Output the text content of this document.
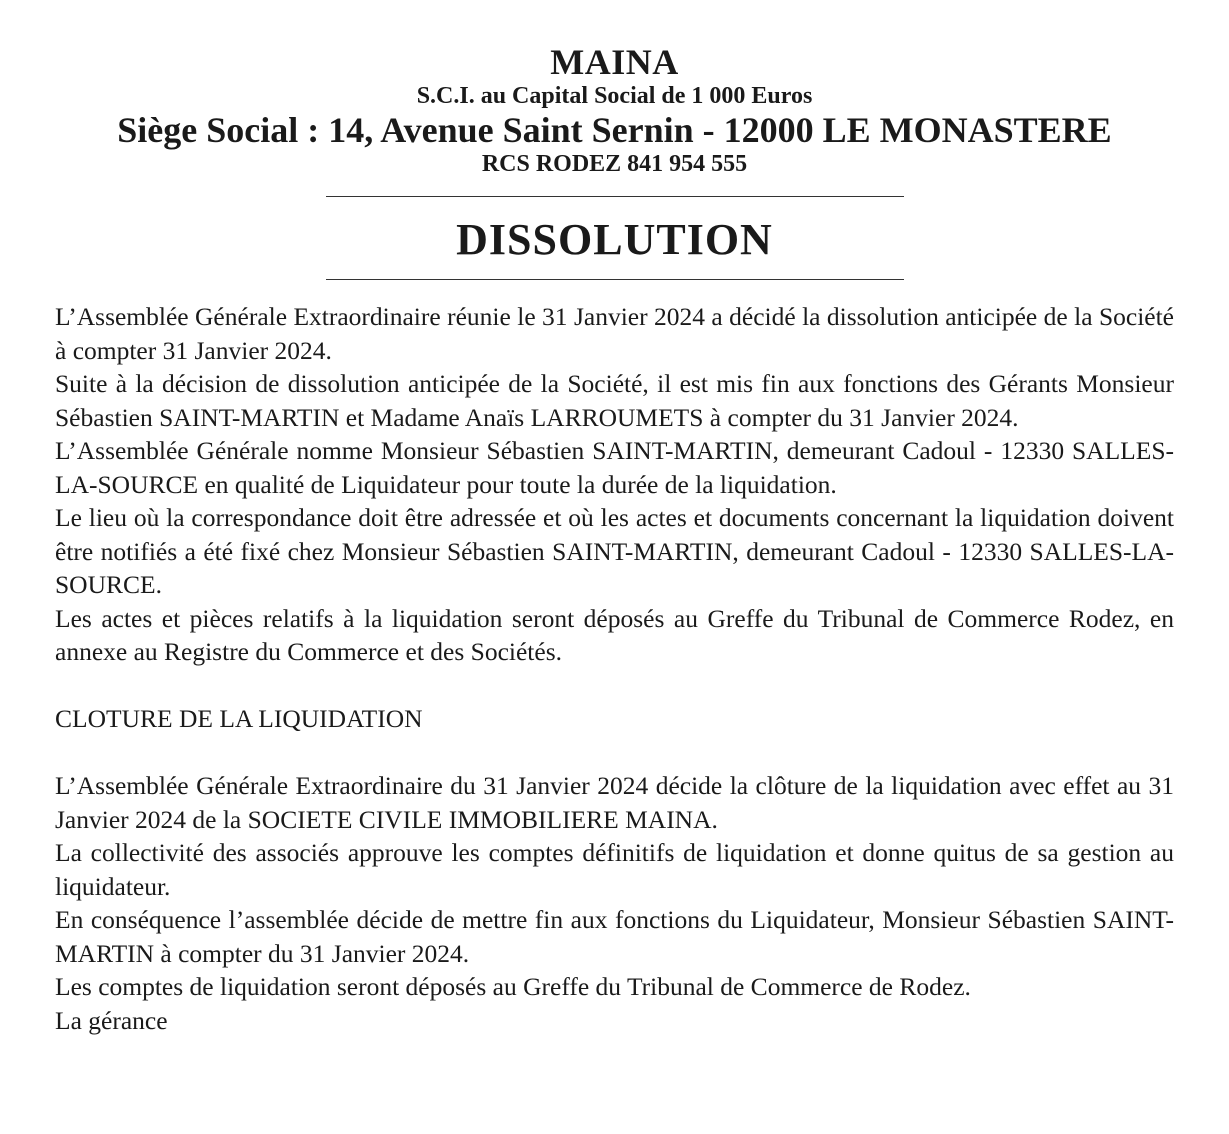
MAINA
S.C.I. au Capital Social de 1 000 Euros
Siège Social : 14, Avenue Saint Sernin - 12000 LE MONASTERE
RCS RODEZ 841 954 555
DISSOLUTION

L’Assemblée Générale Extraordinaire réunie le 31 Janvier 2024 a décidé la dissolution anticipée de la Société à compter 31 Janvier 2024.

Suite à la décision de dissolution anticipée de la Société, il est mis fin aux fonctions des Gérants Monsieur Sébastien SAINT-MARTIN et Madame Anaïs LARROUMETS à compter du 31 Janvier 2024.

L’Assemblée Générale nomme Monsieur Sébastien SAINT-MARTIN, demeurant Cadoul - 12330 SALLES-LA-SOURCE en qualité de Liquidateur pour toute la durée de la liquidation.

Le lieu où la correspondance doit être adressée et où les actes et documents concernant la liquidation doivent être notifiés a été fixé chez Monsieur Sébastien SAINT-MARTIN, demeurant Cadoul - 12330 SALLES-LA-SOURCE.

Les actes et pièces relatifs à la liquidation seront déposés au Greffe du Tribunal de Commerce Rodez, en annexe au Registre du Commerce et des Sociétés.

CLOTURE DE LA LIQUIDATION

L’Assemblée Générale Extraordinaire du 31 Janvier 2024 décide la clôture de la liquidation avec effet au 31 Janvier 2024 de la SOCIETE CIVILE IMMOBILIERE MAINA.

La collectivité des associés approuve les comptes définitifs de liquidation et donne quitus de sa gestion au liquidateur.

En conséquence l’assemblée décide de mettre fin aux fonctions du Liquidateur, Monsieur Sébastien SAINT-MARTIN à compter du 31 Janvier 2024.

Les comptes de liquidation seront déposés au Greffe du Tribunal de Commerce de Rodez.

La gérance
